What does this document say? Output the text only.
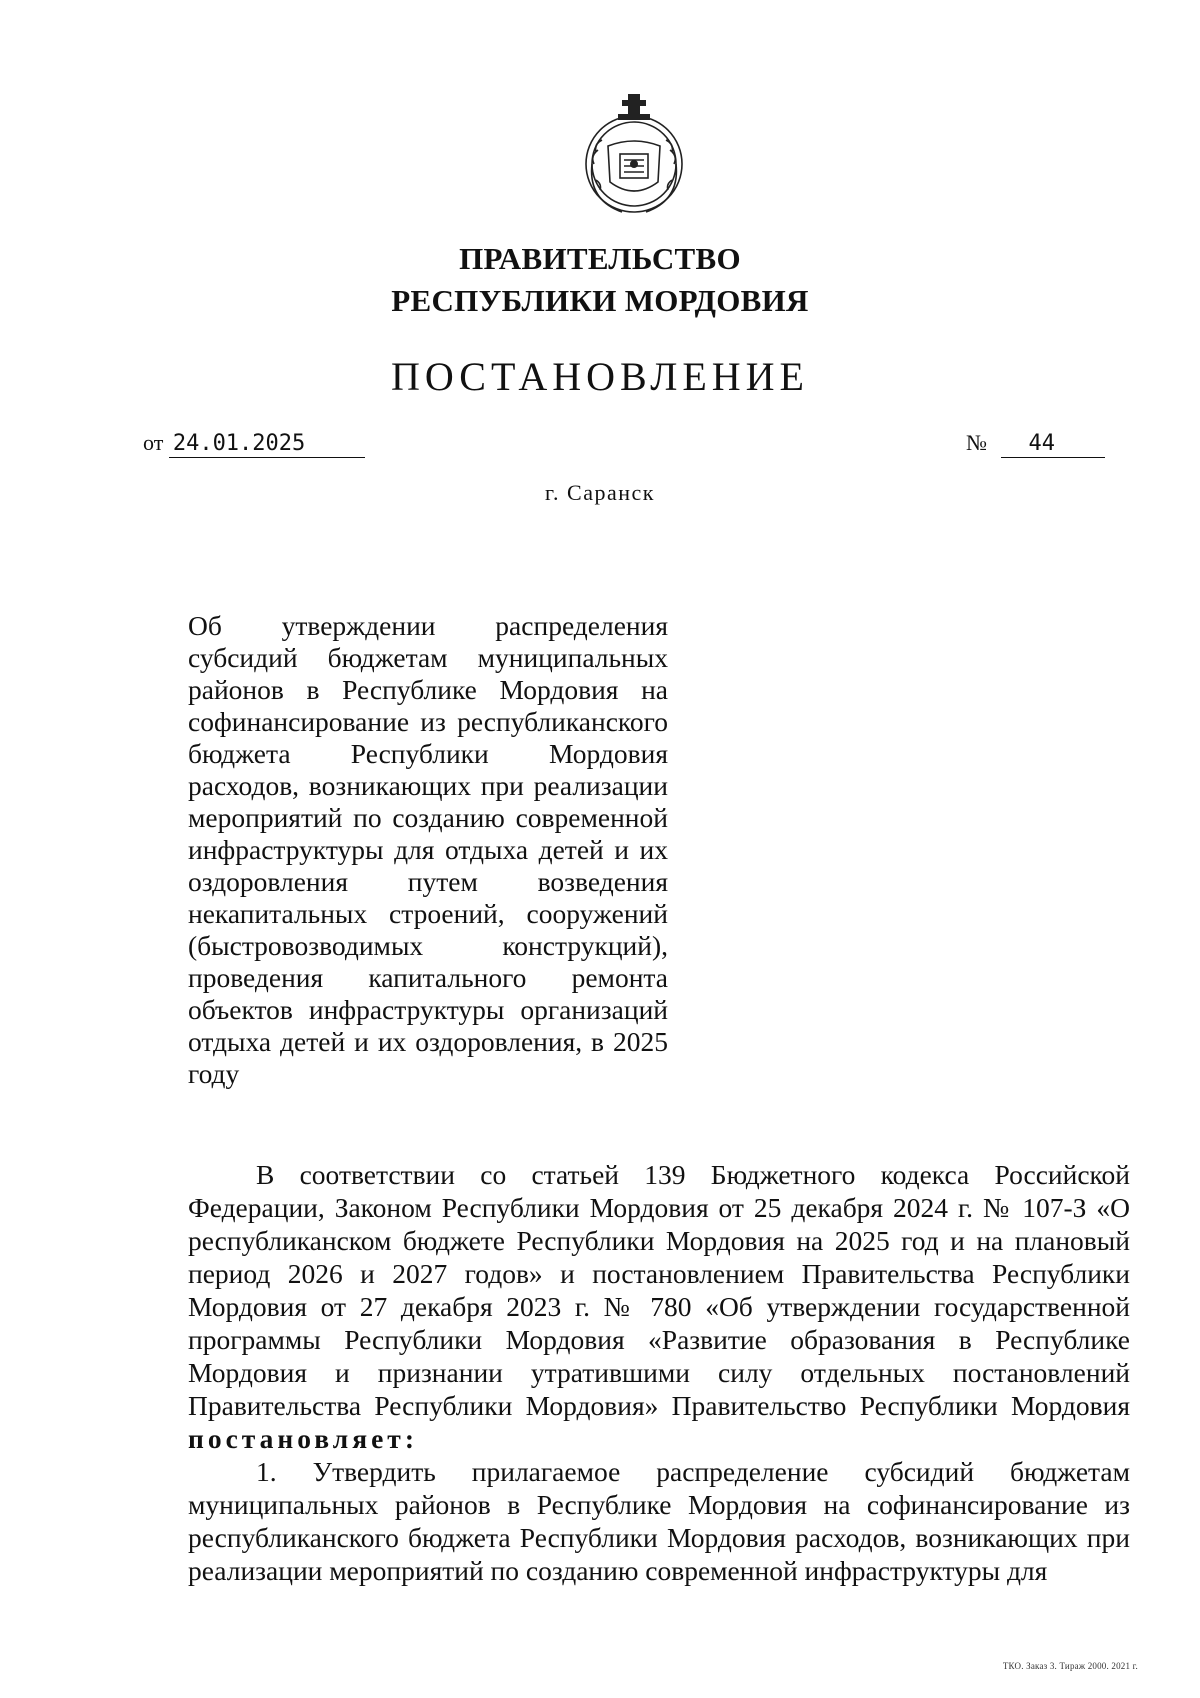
ПРАВИТЕЛЬСТВО
РЕСПУБЛИКИ МОРДОВИЯ
ПОСТАНОВЛЕНИЕ
от 24.01.2025	№ 44
г. Саранск
Об утверждении распределения субсидий бюджетам муниципальных районов в Республике Мордовия на софинансирование из республиканского бюджета Республики Мордовия расходов, возникающих при реализации мероприятий по созданию современной инфраструктуры для отдыха детей и их оздоровления путем возведения некапитальных строений, сооружений (быстровозводимых конструкций), проведения капитального ремонта объектов инфраструктуры организаций отдыха детей и их оздоровления, в 2025 году

В соответствии со статьей 139 Бюджетного кодекса Российской Федерации, Законом Республики Мордовия от 25 декабря 2024 г. № 107-З «О республиканском бюджете Республики Мордовия на 2025 год и на плановый период 2026 и 2027 годов» и постановлением Правительства Республики Мордовия от 27 декабря 2023 г. № 780 «Об утверждении государственной программы Республики Мордовия «Развитие образования в Республике Мордовия и признании утратившими силу отдельных постановлений Правительства Республики Мордовия» Правительство Республики Мордовия постановляет:

1. Утвердить прилагаемое распределение субсидий бюджетам муниципальных районов в Республике Мордовия на софинансирование из республиканского бюджета Республики Мордовия расходов, возникающих при реализации мероприятий по созданию современной инфраструктуры для

ТКО. Заказ 3. Тираж 2000. 2021 г.
